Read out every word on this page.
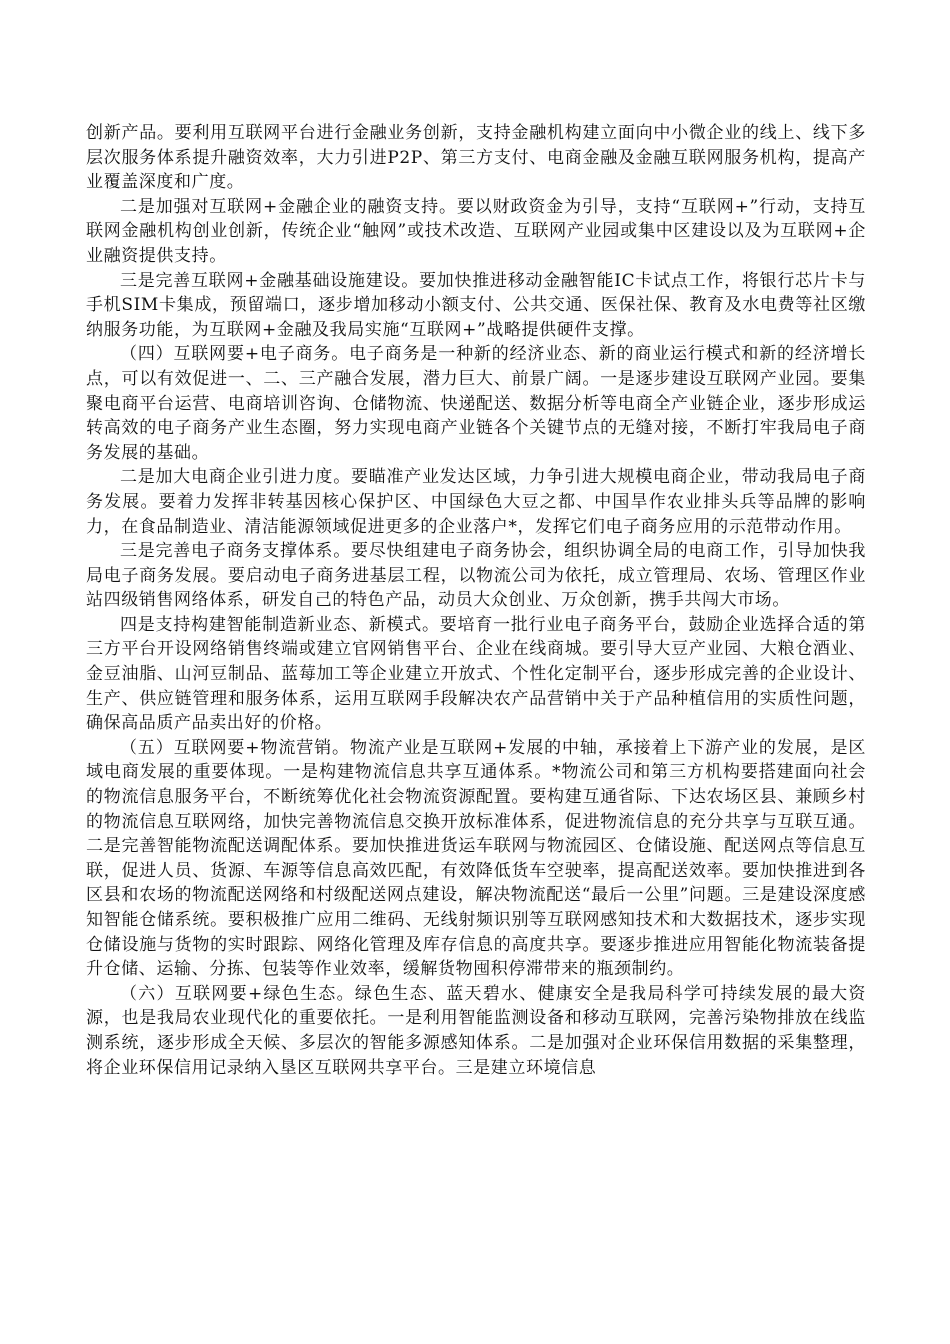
创新产品。要利用互联网平台进行金融业务创新，支持金融机构建立面向中小微企业的线上、线下多层次服务体系提升融资效率，大力引进P2P、第三方支付、电商金融及金融互联网服务机构，提高产业覆盖深度和广度。

二是加强对互联网+金融企业的融资支持。要以财政资金为引导，支持“互联网+”行动，支持互联网金融机构创业创新，传统企业“触网”或技术改造、互联网产业园或集中区建设以及为互联网+企业融资提供支持。

三是完善互联网+金融基础设施建设。要加快推进移动金融智能IC卡试点工作，将银行芯片卡与手机SIM卡集成，预留端口，逐步增加移动小额支付、公共交通、医保社保、教育及水电费等社区缴纳服务功能，为互联网+金融及我局实施“互联网+”战略提供硬件支撑。

（四）互联网要+电子商务。电子商务是一种新的经济业态、新的商业运行模式和新的经济增长点，可以有效促进一、二、三产融合发展，潜力巨大、前景广阔。一是逐步建设互联网产业园。要集聚电商平台运营、电商培训咨询、仓储物流、快递配送、数据分析等电商全产业链企业，逐步形成运转高效的电子商务产业生态圈，努力实现电商产业链各个关键节点的无缝对接，不断打牢我局电子商务发展的基础。

二是加大电商企业引进力度。要瞄准产业发达区域，力争引进大规模电商企业，带动我局电子商务发展。要着力发挥非转基因核心保护区、中国绿色大豆之都、中国旱作农业排头兵等品牌的影响力，在食品制造业、清洁能源领域促进更多的企业落户*，发挥它们电子商务应用的示范带动作用。

三是完善电子商务支撑体系。要尽快组建电子商务协会，组织协调全局的电商工作，引导加快我局电子商务发展。要启动电子商务进基层工程，以物流公司为依托，成立管理局、农场、管理区作业站四级销售网络体系，研发自己的特色产品，动员大众创业、万众创新，携手共闯大市场。

四是支持构建智能制造新业态、新模式。要培育一批行业电子商务平台，鼓励企业选择合适的第三方平台开设网络销售终端或建立官网销售平台、企业在线商城。要引导大豆产业园、大粮仓酒业、金豆油脂、山河豆制品、蓝莓加工等企业建立开放式、个性化定制平台，逐步形成完善的企业设计、生产、供应链管理和服务体系，运用互联网手段解决农产品营销中关于产品种植信用的实质性问题，确保高品质产品卖出好的价格。

（五）互联网要+物流营销。物流产业是互联网+发展的中轴，承接着上下游产业的发展，是区域电商发展的重要体现。一是构建物流信息共享互通体系。*物流公司和第三方机构要搭建面向社会的物流信息服务平台，不断统筹优化社会物流资源配置。要构建互通省际、下达农场区县、兼顾乡村的物流信息互联网络，加快完善物流信息交换开放标准体系，促进物流信息的充分共享与互联互通。二是完善智能物流配送调配体系。要加快推进货运车联网与物流园区、仓储设施、配送网点等信息互联，促进人员、货源、车源等信息高效匹配，有效降低货车空驶率，提高配送效率。要加快推进到各区县和农场的物流配送网络和村级配送网点建设，解决物流配送“最后一公里”问题。三是建设深度感知智能仓储系统。要积极推广应用二维码、无线射频识别等互联网感知技术和大数据技术，逐步实现仓储设施与货物的实时跟踪、网络化管理及库存信息的高度共享。要逐步推进应用智能化物流装备提升仓储、运输、分拣、包装等作业效率，缓解货物囤积停滞带来的瓶颈制约。

（六）互联网要+绿色生态。绿色生态、蓝天碧水、健康安全是我局科学可持续发展的最大资源，也是我局农业现代化的重要依托。一是利用智能监测设备和移动互联网，完善污染物排放在线监测系统，逐步形成全天候、多层次的智能多源感知体系。二是加强对企业环保信用数据的采集整理，将企业环保信用记录纳入垦区互联网共享平台。三是建立环境信息
